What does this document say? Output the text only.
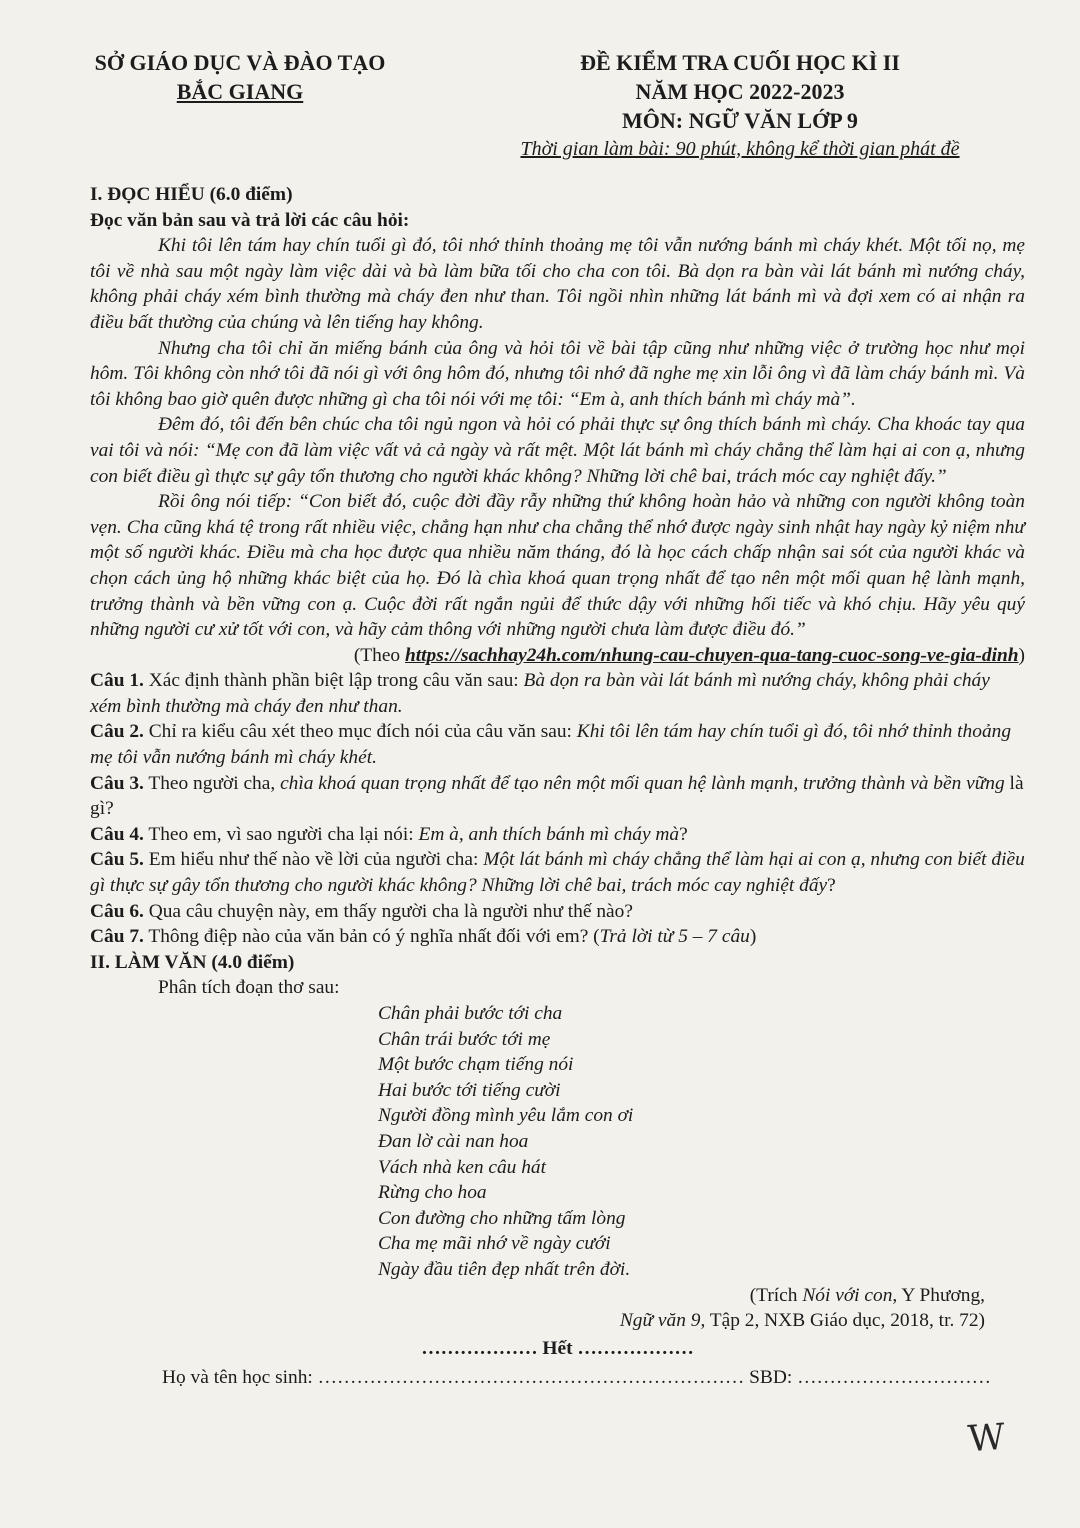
SỞ GIÁO DỤC VÀ ĐÀO TẠO
BẮC GIANG
ĐỀ KIỂM TRA CUỐI HỌC KÌ II
NĂM HỌC 2022-2023
MÔN: NGỮ VĂN LỚP 9
Thời gian làm bài: 90 phút, không kể thời gian phát đề
I. ĐỌC HIỂU (6.0 điểm)
Đọc văn bản sau và trả lời các câu hỏi:
Khi tôi lên tám hay chín tuổi gì đó, tôi nhớ thỉnh thoảng mẹ tôi vẫn nướng bánh mì cháy khét. Một tối nọ, mẹ tôi về nhà sau một ngày làm việc dài và bà làm bữa tối cho cha con tôi. Bà dọn ra bàn vài lát bánh mì nướng cháy, không phải cháy xém bình thường mà cháy đen như than. Tôi ngồi nhìn những lát bánh mì và đợi xem có ai nhận ra điều bất thường của chúng và lên tiếng hay không.
Nhưng cha tôi chỉ ăn miếng bánh của ông và hỏi tôi về bài tập cũng như những việc ở trường học như mọi hôm. Tôi không còn nhớ tôi đã nói gì với ông hôm đó, nhưng tôi nhớ đã nghe mẹ xin lỗi ông vì đã làm cháy bánh mì. Và tôi không bao giờ quên được những gì cha tôi nói với mẹ tôi: “Em à, anh thích bánh mì cháy mà”.
Đêm đó, tôi đến bên chúc cha tôi ngủ ngon và hỏi có phải thực sự ông thích bánh mì cháy. Cha khoác tay qua vai tôi và nói: “Mẹ con đã làm việc vất vả cả ngày và rất mệt. Một lát bánh mì cháy chẳng thể làm hại ai con ạ, nhưng con biết điều gì thực sự gây tổn thương cho người khác không? Những lời chê bai, trách móc cay nghiệt đấy.”
Rồi ông nói tiếp: “Con biết đó, cuộc đời đầy rẫy những thứ không hoàn hảo và những con người không toàn vẹn. Cha cũng khá tệ trong rất nhiều việc, chẳng hạn như cha chẳng thể nhớ được ngày sinh nhật hay ngày kỷ niệm như một số người khác. Điều mà cha học được qua nhiều năm tháng, đó là học cách chấp nhận sai sót của người khác và chọn cách ủng hộ những khác biệt của họ. Đó là chìa khoá quan trọng nhất để tạo nên một mối quan hệ lành mạnh, trưởng thành và bền vững con ạ. Cuộc đời rất ngắn ngủi để thức dậy với những hối tiếc và khó chịu. Hãy yêu quý những người cư xử tốt với con, và hãy cảm thông với những người chưa làm được điều đó.”
(Theo https://sachhay24h.com/nhung-cau-chuyen-qua-tang-cuoc-song-ve-gia-dinh)
Câu 1. Xác định thành phần biệt lập trong câu văn sau: Bà dọn ra bàn vài lát bánh mì nướng cháy, không phải cháy xém bình thường mà cháy đen như than.
Câu 2. Chỉ ra kiểu câu xét theo mục đích nói của câu văn sau: Khi tôi lên tám hay chín tuổi gì đó, tôi nhớ thỉnh thoảng mẹ tôi vẫn nướng bánh mì cháy khét.
Câu 3. Theo người cha, chìa khoá quan trọng nhất để tạo nên một mối quan hệ lành mạnh, trưởng thành và bền vững là gì?
Câu 4. Theo em, vì sao người cha lại nói: Em à, anh thích bánh mì cháy mà?
Câu 5. Em hiểu như thế nào về lời của người cha: Một lát bánh mì cháy chẳng thể làm hại ai con ạ, nhưng con biết điều gì thực sự gây tổn thương cho người khác không? Những lời chê bai, trách móc cay nghiệt đấy?
Câu 6. Qua câu chuyện này, em thấy người cha là người như thế nào?
Câu 7. Thông điệp nào của văn bản có ý nghĩa nhất đối với em? (Trả lời từ 5 – 7 câu)
II. LÀM VĂN (4.0 điểm)
Phân tích đoạn thơ sau:
Chân phải bước tới cha
Chân trái bước tới mẹ
Một bước chạm tiếng nói
Hai bước tới tiếng cười
Người đồng mình yêu lắm con ơi
Đan lờ cài nan hoa
Vách nhà ken câu hát
Rừng cho hoa
Con đường cho những tấm lòng
Cha mẹ mãi nhớ về ngày cưới
Ngày đầu tiên đẹp nhất trên đời.
(Trích Nói với con, Y Phương,
Ngữ văn 9, Tập 2, NXB Giáo dục, 2018, tr. 72)
……………… Hết ………………
Họ và tên học sinh: ………………………………………………………… SBD: …………………………
W
